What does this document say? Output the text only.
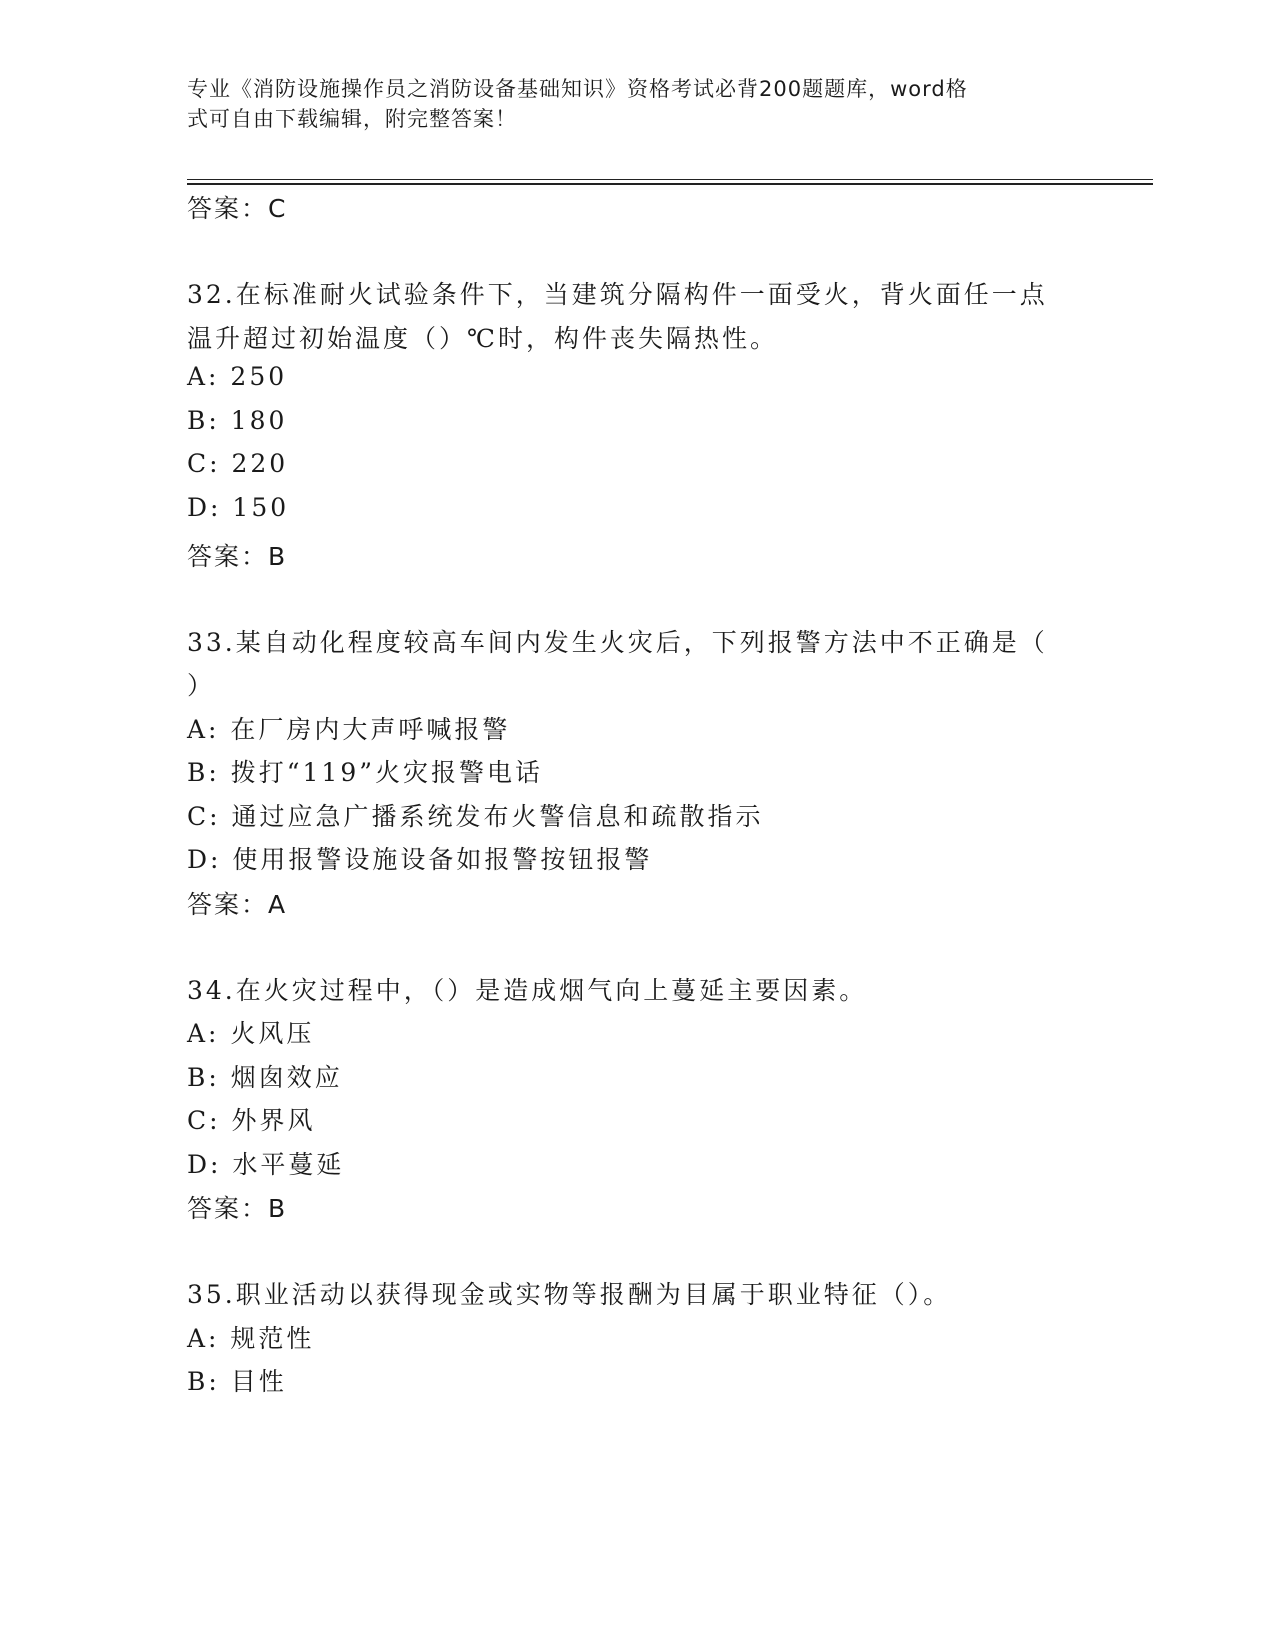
专业《消防设施操作员之消防设备基础知识》资格考试必背200题题库，word格
式可自由下载编辑，附完整答案！
答案：C
32.在标准耐火试验条件下，当建筑分隔构件一面受火，背火面任一点
温升超过初始温度（）℃时，构件丧失隔热性。
A: 250
B: 180
C: 220
D: 150
答案：B
33.某自动化程度较高车间内发生火灾后，下列报警方法中不正确是（
）
A: 在厂房内大声呼喊报警
B: 拨打“119”火灾报警电话
C: 通过应急广播系统发布火警信息和疏散指示
D: 使用报警设施设备如报警按钮报警
答案：A
34.在火灾过程中，（）是造成烟气向上蔓延主要因素。
A: 火风压
B: 烟囱效应
C: 外界风
D: 水平蔓延
答案：B
35.职业活动以获得现金或实物等报酬为目属于职业特征（）。
A: 规范性
B: 目性
